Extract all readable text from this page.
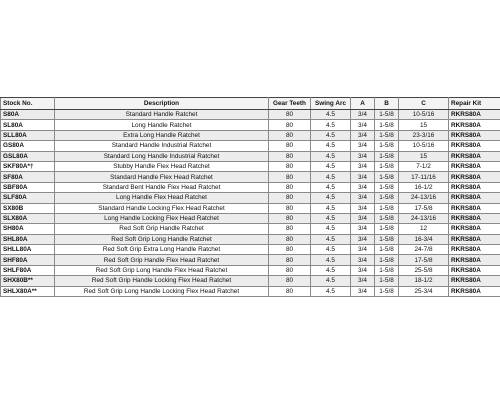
Stock No.	Description	Gear Teeth	Swing Arc	A	B	C	Repair Kit
S80A	Standard Handle Ratchet	80	4.5	3/4	1-5/8	10-5/16	RKRS80A
SL80A	Long Handle Ratchet	80	4.5	3/4	1-5/8	15	RKRS80A
SLL80A	Extra Long Handle Ratchet	80	4.5	3/4	1-5/8	23-3/16	RKRS80A
GS80A	Standard Handle Industrial Ratchet	80	4.5	3/4	1-5/8	10-5/16	RKRS80A
GSL80A	Standard Long Handle Industrial Ratchet	80	4.5	3/4	1-5/8	15	RKRS80A
SKF80A*†	Stubby Handle Flex Head Ratchet	80	4.5	3/4	1-5/8	7-1/2	RKRS80A
SF80A	Standard Handle Flex Head Ratchet	80	4.5	3/4	1-5/8	17-11/16	RKRS80A
SBF80A	Standard Bent Handle Flex Head Ratchet	80	4.5	3/4	1-5/8	16-1/2	RKRS80A
SLF80A	Long Handle Flex Head Ratchet	80	4.5	3/4	1-5/8	24-13/16	RKRS80A
SX80B	Standard Handle Locking Flex Head Ratchet	80	4.5	3/4	1-5/8	17-5/8	RKRS80A
SLX80A	Long Handle Locking Flex Head Ratchet	80	4.5	3/4	1-5/8	24-13/16	RKRS80A
SH80A	Red Soft Grip Handle Ratchet	80	4.5	3/4	1-5/8	12	RKRS80A
SHL80A	Red Soft Grip Long Handle Ratchet	80	4.5	3/4	1-5/8	16-3/4	RKRS80A
SHLL80A	Red Soft Grip Extra Long Handle Ratchet	80	4.5	3/4	1-5/8	24-7/8	RKRS80A
SHF80A	Red Soft Grip Handle Flex Head Ratchet	80	4.5	3/4	1-5/8	17-5/8	RKRS80A
SHLF80A	Red Soft Grip Long Handle Flex Head Ratchet	80	4.5	3/4	1-5/8	25-5/8	RKRS80A
SHX80B**	Red Soft Grip Handle Locking Flex Head Ratchet	80	4.5	3/4	1-5/8	18-1/2	RKRS80A
SHLX80A**	Red Soft Grip Long Handle Locking Flex Head Ratchet	80	4.5	3/4	1-5/8	25-3/4	RKRS80A
